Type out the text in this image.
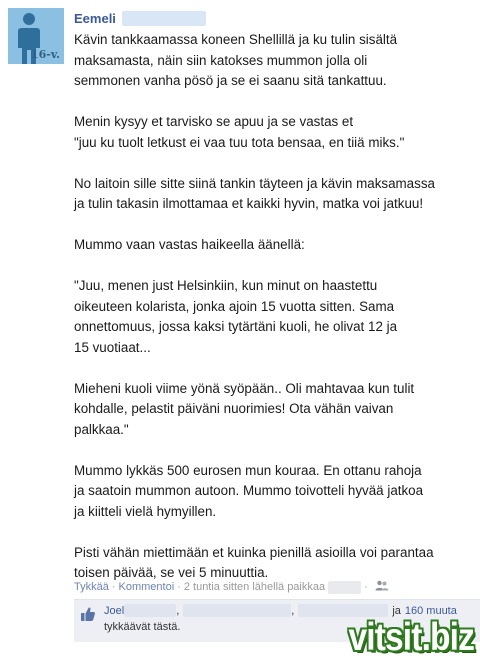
16-v.
Eemeli

Kävin tankkaamassa koneen Shellillä ja ku tulin sisältä
maksamasta, näin siin katokses mummon jolla oli
semmonen vanha pösö ja se ei saanu sitä tankattuu.

Menin kysyy et tarvisko se apuu ja se vastas et
"juu ku tuolt letkust ei vaa tuu tota bensaa, en tiiä miks."

No laitoin sille sitte siinä tankin täyteen ja kävin maksamassa
ja tulin takasin ilmottamaa et kaikki hyvin, matka voi jatkuu!

Mummo vaan vastas haikeella äänellä:

"Juu, menen just Helsinkiin, kun minut on haastettu
oikeuteen kolarista, jonka ajoin 15 vuotta sitten. Sama
onnettomuus, jossa kaksi tytärtäni kuoli, he olivat 12 ja
15 vuotiaat...

Mieheni kuoli viime yönä syöpään.. Oli mahtavaa kun tulit
kohdalle, pelastit päiväni nuorimies! Ota vähän vaivan
palkkaa."

Mummo lykkäs 500 eurosen mun kouraa. En ottanu rahoja
ja saatoin mummon autoon. Mummo toivotteli hyvää jatkoa
ja kiitteli vielä hymyillen.

Pisti vähän miettimään et kuinka pienillä asioilla voi parantaa
toisen päivää, se vei 5 minuuttia.

Tykkää · Kommentoi · 2 tuntia sitten lähellä paikkaa	·
Joel	,	,	ja 160 muuta
tykkäävät tästä.	vitsit.biz
